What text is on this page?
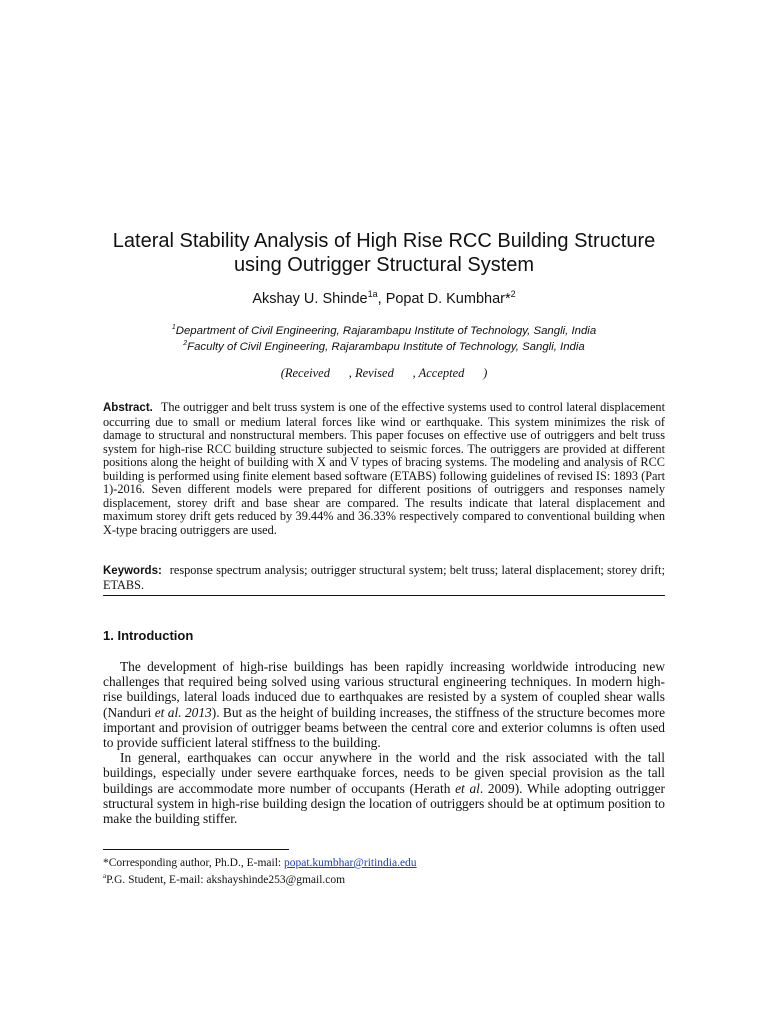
Lateral Stability Analysis of High Rise RCC Building Structure using Outrigger Structural System
Akshay U. Shinde$^{1a}$, Popat D. Kumbhar*$^2$
$^1$Department of Civil Engineering, Rajarambapu Institute of Technology, Sangli, India
$^2$Faculty of Civil Engineering, Rajarambapu Institute of Technology, Sangli, India
(Received      , Revised      , Accepted      )
Abstract. The outrigger and belt truss system is one of the effective systems used to control lateral displacement occurring due to small or medium lateral forces like wind or earthquake. This system minimizes the risk of damage to structural and nonstructural members. This paper focuses on effective use of outriggers and belt truss system for high-rise RCC building structure subjected to seismic forces. The outriggers are provided at different positions along the height of building with X and V types of bracing systems. The modeling and analysis of RCC building is performed using finite element based software (ETABS) following guidelines of revised IS: 1893 (Part 1)-2016. Seven different models were prepared for different positions of outriggers and responses namely displacement, storey drift and base shear are compared. The results indicate that lateral displacement and maximum storey drift gets reduced by 39.44% and 36.33% respectively compared to conventional building when X-type bracing outriggers are used.
Keywords: response spectrum analysis; outrigger structural system; belt truss; lateral displacement; storey drift; ETABS.
1. Introduction

The development of high-rise buildings has been rapidly increasing worldwide introducing new challenges that required being solved using various structural engineering techniques. In modern high-rise buildings, lateral loads induced due to earthquakes are resisted by a system of coupled shear walls (Nanduri et al. 2013). But as the height of building increases, the stiffness of the structure becomes more important and provision of outrigger beams between the central core and exterior columns is often used to provide sufficient lateral stiffness to the building.

In general, earthquakes can occur anywhere in the world and the risk associated with the tall buildings, especially under severe earthquake forces, needs to be given special provision as the tall buildings are accommodate more number of occupants (Herath et al. 2009). While adopting outrigger structural system in high-rise building design the location of outriggers should be at optimum position to make the building stiffer.

*Corresponding author, Ph.D., E-mail: popat.kumbhar@ritindia.edu
$^a$P.G. Student, E-mail: akshayshinde253@gmail.com
